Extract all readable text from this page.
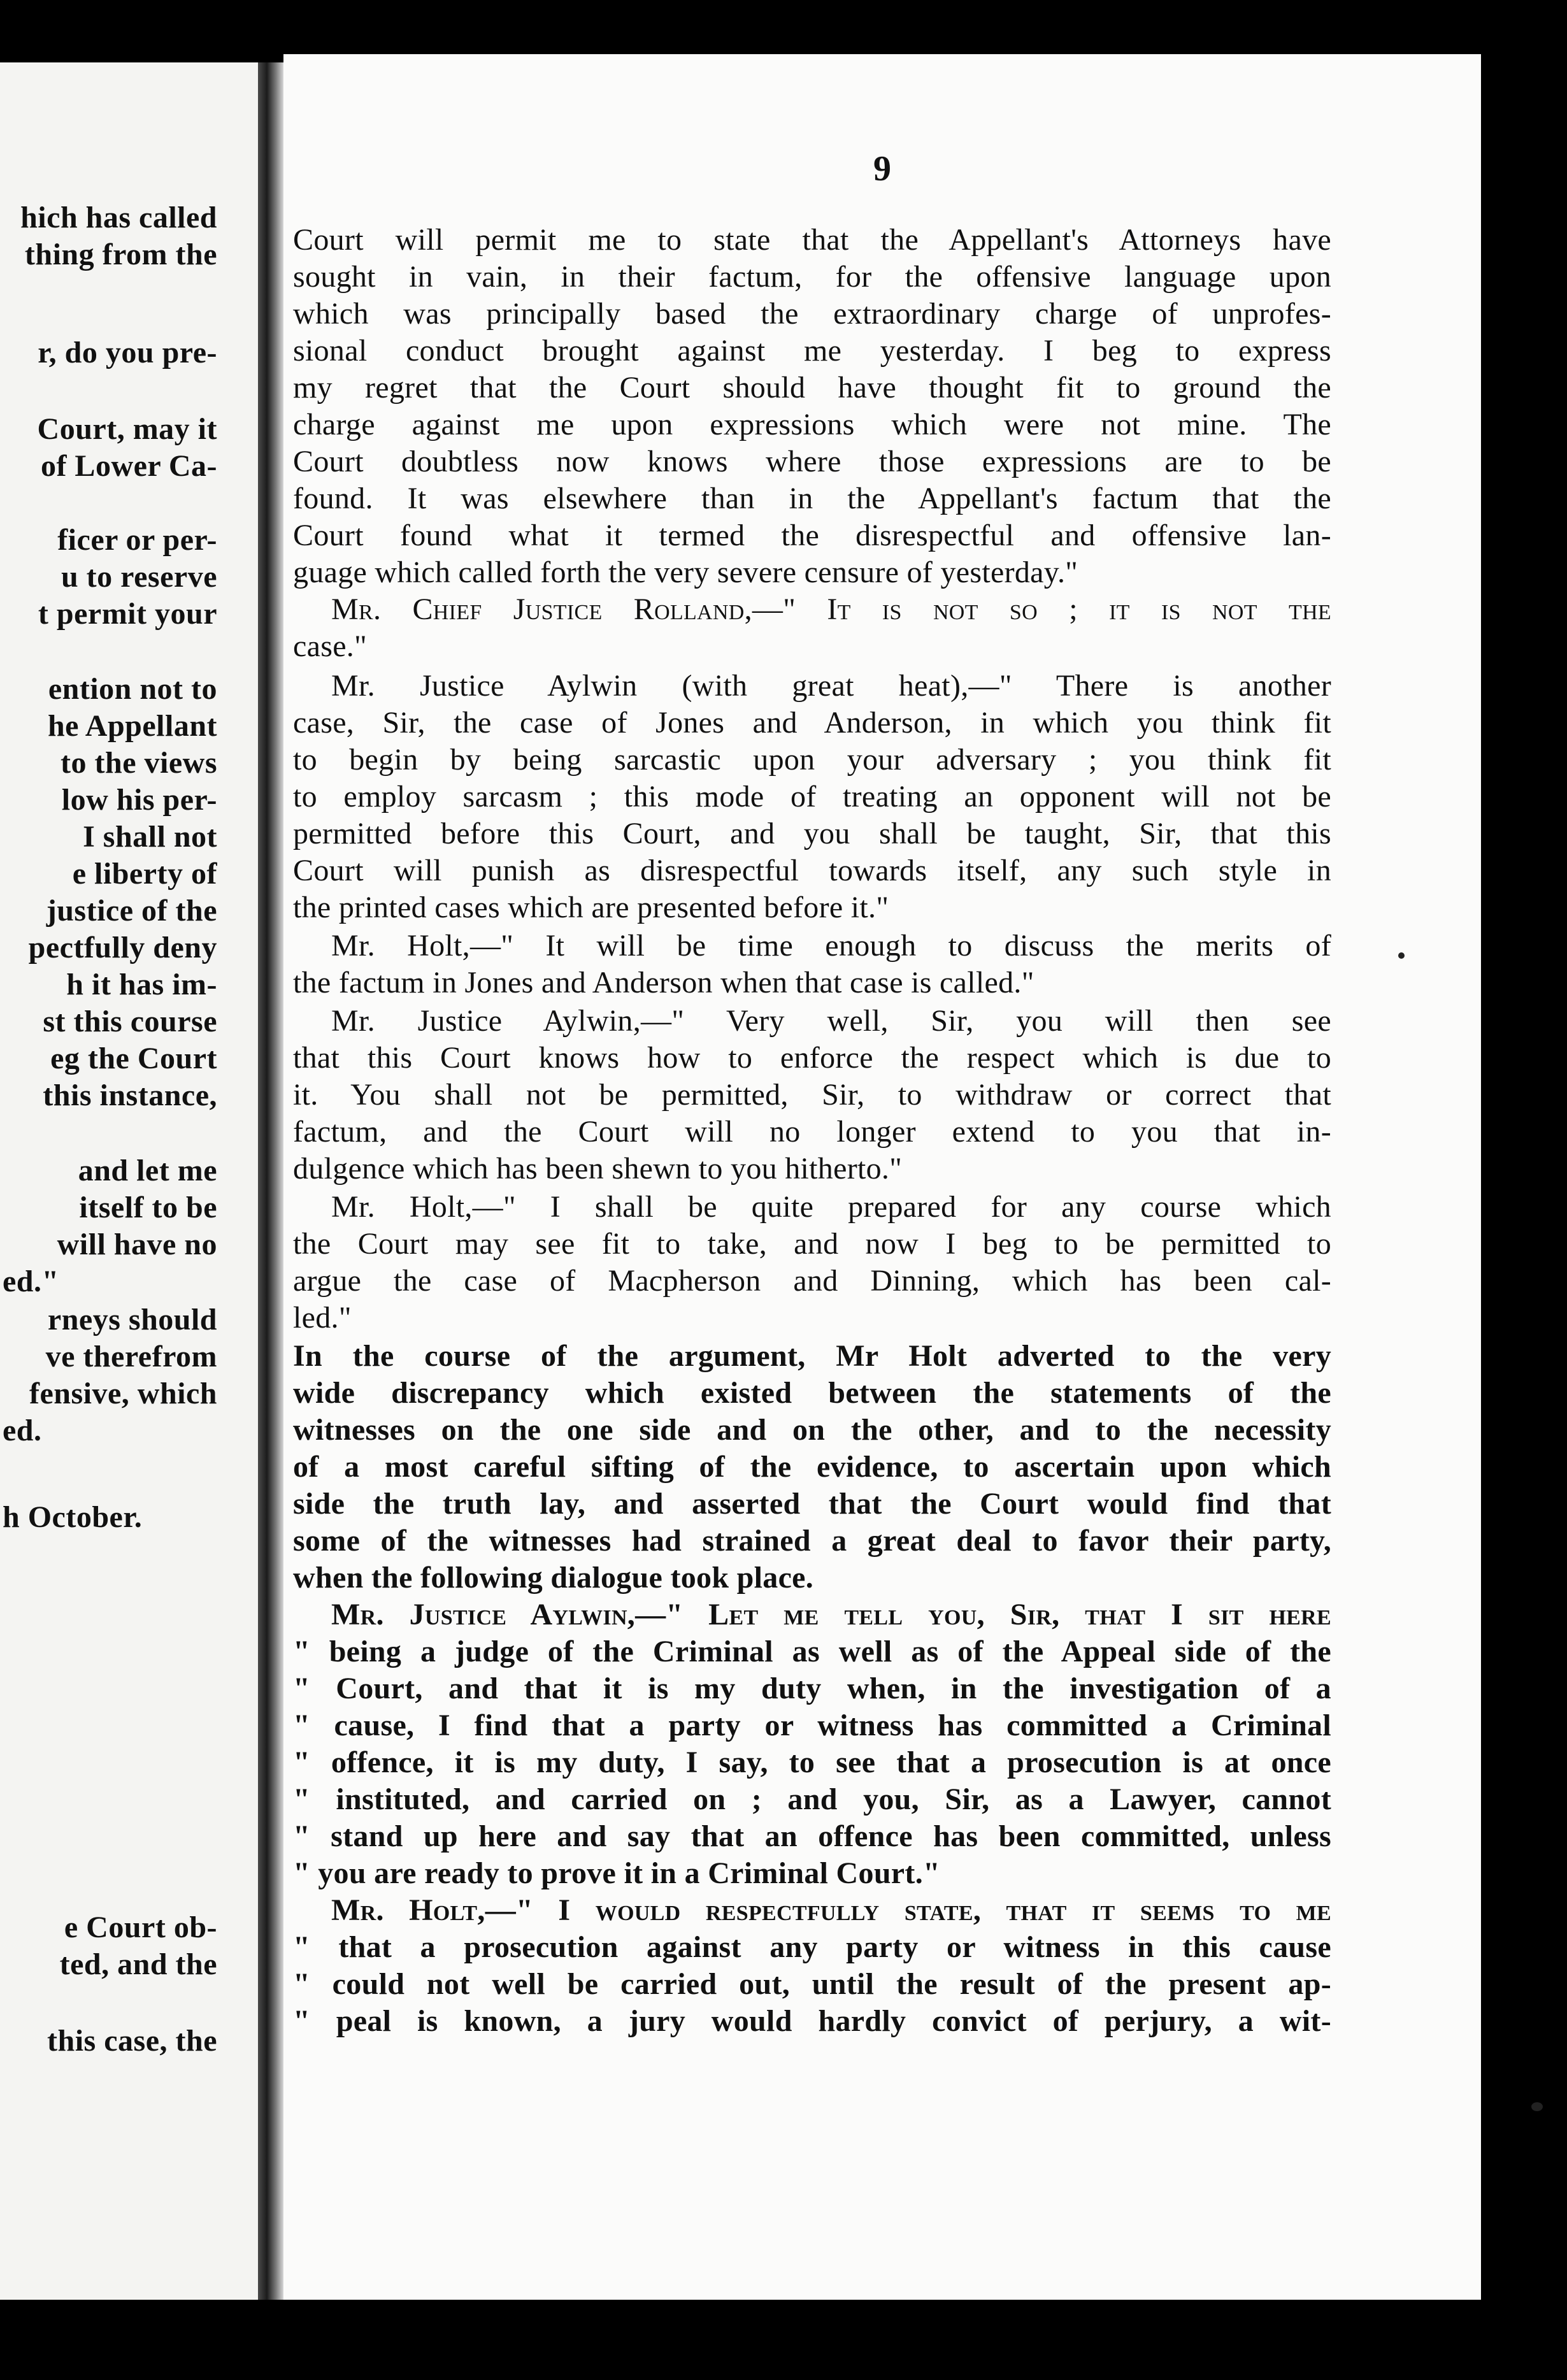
hich has called
thing from the
r, do you pre-
Court, may it
of Lower Ca-
ficer or per-
u to reserve
t permit your
ention not to
he Appellant
to the views
low his per-
I shall not
e liberty of
justice of the
pectfully deny
h it has im-
st this course
eg the Court
this instance,
and let me
itself to be
will have no
ed."
rneys should
ve therefrom
fensive, which
ed.
h October.
e Court ob-
ted, and the
this case, the
9
Court will permit me to state that the Appellant's Attorneys have
sought in vain, in their factum, for the offensive language upon
which was principally based the extraordinary charge of unprofes-
sional conduct brought against me yesterday. I beg to express
my regret that the Court should have thought fit to ground the
charge against me upon expressions which were not mine. The
Court doubtless now knows where those expressions are to be
found. It was elsewhere than in the Appellant's factum that the
Court found what it termed the disrespectful and offensive lan-
guage which called forth the very severe censure of yesterday."
Mr. Chief Justice Rolland,—" It is not so ; it is not the
case."
Mr. Justice Aylwin (with great heat),—" There is another
case, Sir, the case of Jones and Anderson, in which you think fit
to begin by being sarcastic upon your adversary ; you think fit
to employ sarcasm ; this mode of treating an opponent will not be
permitted before this Court, and you shall be taught, Sir, that this
Court will punish as disrespectful towards itself, any such style in
the printed cases which are presented before it."
Mr. Holt,—" It will be time enough to discuss the merits of
the factum in Jones and Anderson when that case is called."
Mr. Justice Aylwin,—" Very well, Sir, you will then see
that this Court knows how to enforce the respect which is due to
it. You shall not be permitted, Sir, to withdraw or correct that
factum, and the Court will no longer extend to you that in-
dulgence which has been shewn to you hitherto."
Mr. Holt,—" I shall be quite prepared for any course which
the Court may see fit to take, and now I beg to be permitted to
argue the case of Macpherson and Dinning, which has been cal-
led."
In the course of the argument, Mr Holt adverted to the very
wide discrepancy which existed between the statements of the
witnesses on the one side and on the other, and to the necessity
of a most careful sifting of the evidence, to ascertain upon which
side the truth lay, and asserted that the Court would find that
some of the witnesses had strained a great deal to favor their party,
when the following dialogue took place.
Mr. Justice Aylwin,—" Let me tell you, Sir, that I sit here
" being a judge of the Criminal as well as of the Appeal side of the
" Court, and that it is my duty when, in the investigation of a
" cause, I find that a party or witness has committed a Criminal
" offence, it is my duty, I say, to see that a prosecution is at once
" instituted, and carried on ; and you, Sir, as a Lawyer, cannot
" stand up here and say that an offence has been committed, unless
" you are ready to prove it in a Criminal Court."
Mr. Holt,—" I would respectfully state, that it seems to me
" that a prosecution against any party or witness in this cause
" could not well be carried out, until the result of the present ap-
" peal is known, a jury would hardly convict of perjury, a wit-
